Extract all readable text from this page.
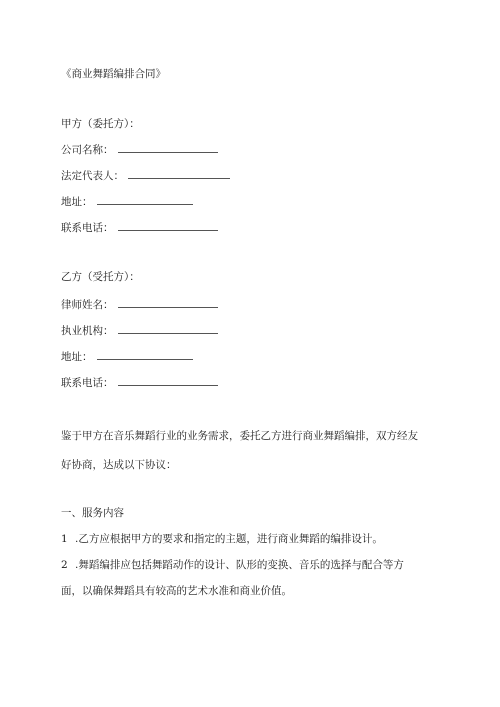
《商业舞蹈编排合同》
甲方（委托方）：
公司名称：
法定代表人：
地址：
联系电话：
乙方（受托方）：
律师姓名：
执业机构：
地址：
联系电话：
鉴于甲方在音乐舞蹈行业的业务需求，委托乙方进行商业舞蹈编排，双方经友
好协商，达成以下协议：
一、服务内容
1 .乙方应根据甲方的要求和指定的主题，进行商业舞蹈的编排设计。
2 .舞蹈编排应包括舞蹈动作的设计、队形的变换、音乐的选择与配合等方
面，以确保舞蹈具有较高的艺术水准和商业价值。
